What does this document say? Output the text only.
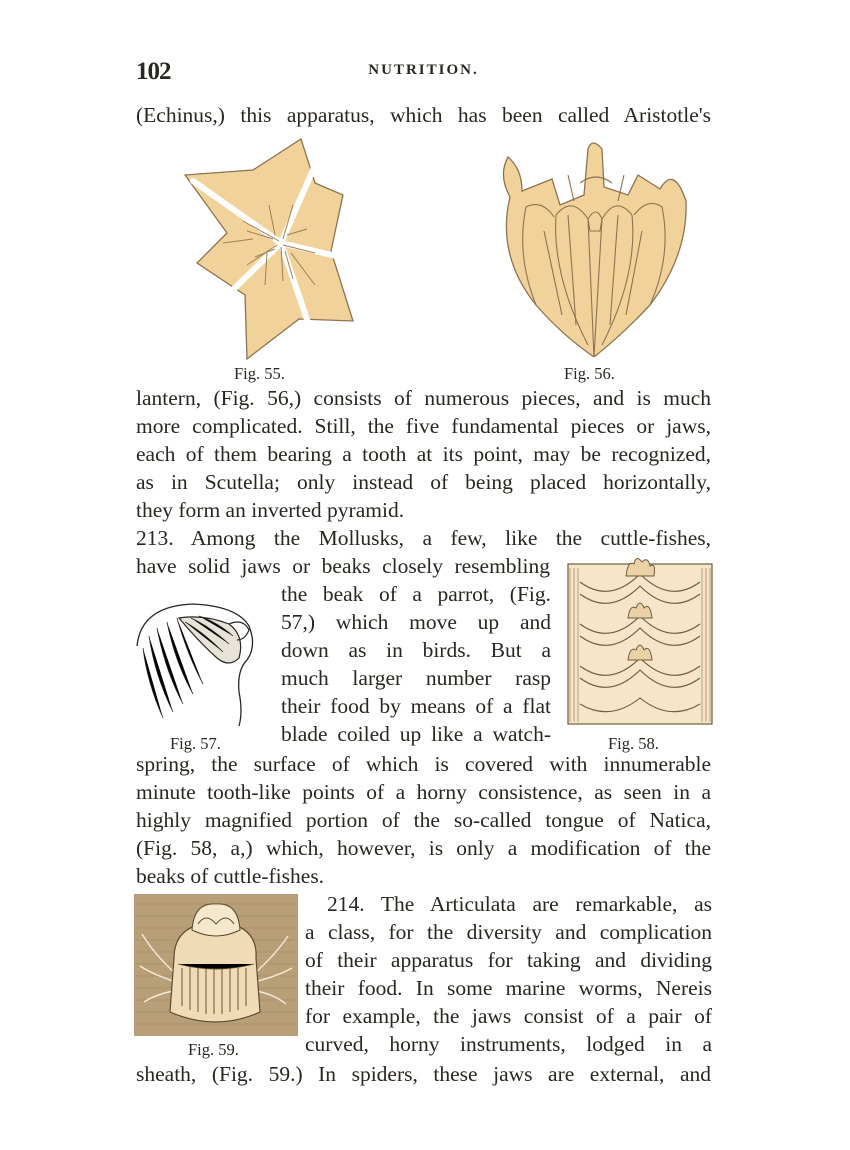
102	NUTRITION.
(Echinus,) this apparatus, which has been called Aristotle's
Fig. 55.	Fig. 56.
lantern, (Fig. 56,) consists of numerous pieces, and is much
more complicated. Still, the five fundamental pieces or jaws,
each of them bearing a tooth at its point, may be recognized,
as in Scutella; only instead of being placed horizontally,
they form an inverted pyramid.
213. Among the Mollusks, a few, like the cuttle-fishes,
have solid jaws or beaks closely resembling
the beak of a parrot, (Fig.
57,) which move up and
down as in birds. But a
much larger number rasp
their food by means of a flat
blade coiled up like a watch-
Fig. 57.	Fig. 58.
spring, the surface of which is covered with innumerable
minute tooth-like points of a horny consistence, as seen in a
highly magnified portion of the so-called tongue of Natica,
(Fig. 58, a,) which, however, is only a modification of the
beaks of cuttle-fishes.
214. The Articulata are remarkable, as
a class, for the diversity and complication
of their apparatus for taking and dividing
their food. In some marine worms, Nereis
for example, the jaws consist of a pair of
curved, horny instruments, lodged in a
Fig. 59.
sheath, (Fig. 59.) In spiders, these jaws are external, and
